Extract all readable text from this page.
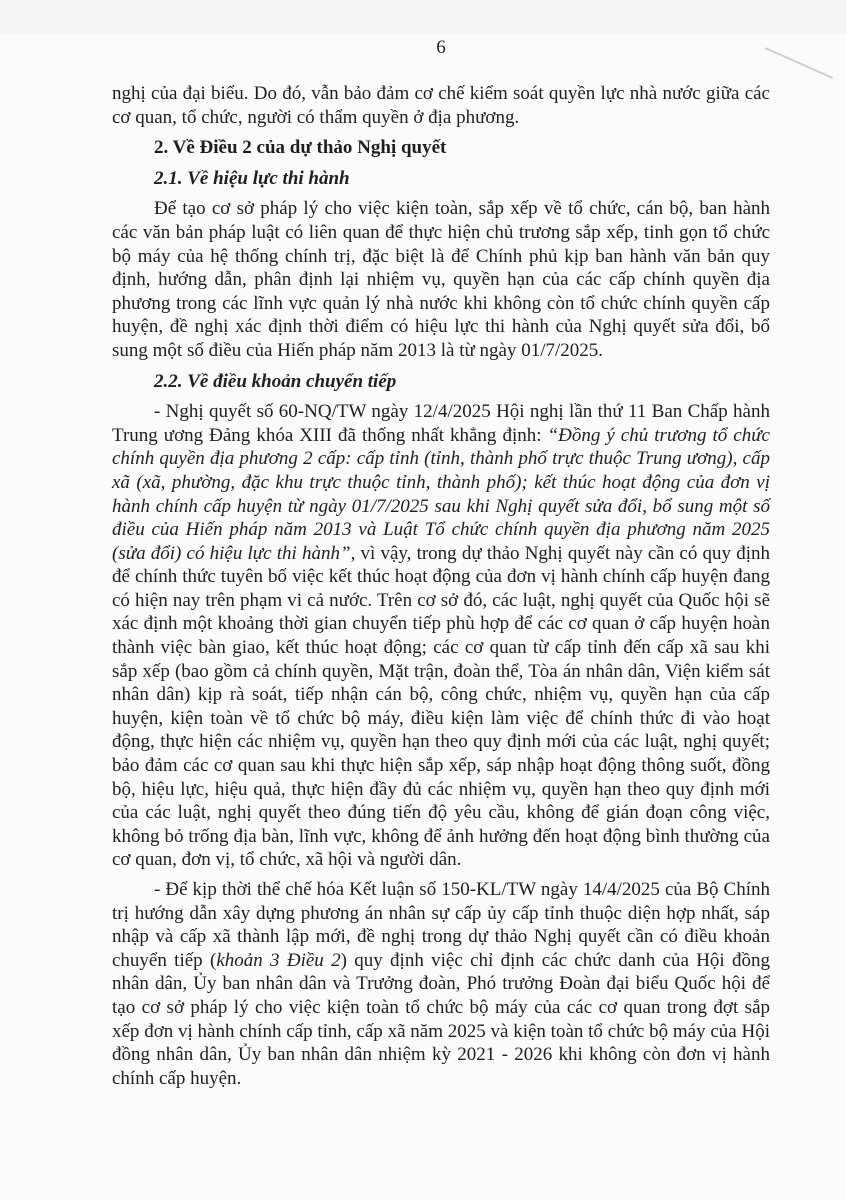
6

nghị của đại biểu. Do đó, vẫn bảo đảm cơ chế kiểm soát quyền lực nhà nước giữa các cơ quan, tổ chức, người có thẩm quyền ở địa phương.

2. Về Điều 2 của dự thảo Nghị quyết

2.1. Về hiệu lực thi hành

Để tạo cơ sở pháp lý cho việc kiện toàn, sắp xếp về tổ chức, cán bộ, ban hành các văn bản pháp luật có liên quan để thực hiện chủ trương sắp xếp, tinh gọn tổ chức bộ máy của hệ thống chính trị, đặc biệt là để Chính phủ kịp ban hành văn bản quy định, hướng dẫn, phân định lại nhiệm vụ, quyền hạn của các cấp chính quyền địa phương trong các lĩnh vực quản lý nhà nước khi không còn tổ chức chính quyền cấp huyện, đề nghị xác định thời điểm có hiệu lực thi hành của Nghị quyết sửa đổi, bổ sung một số điều của Hiến pháp năm 2013 là từ ngày 01/7/2025.

2.2. Về điều khoản chuyển tiếp

- Nghị quyết số 60-NQ/TW ngày 12/4/2025 Hội nghị lần thứ 11 Ban Chấp hành Trung ương Đảng khóa XIII đã thống nhất khẳng định: “Đồng ý chủ trương tổ chức chính quyền địa phương 2 cấp: cấp tỉnh (tỉnh, thành phố trực thuộc Trung ương), cấp xã (xã, phường, đặc khu trực thuộc tỉnh, thành phố); kết thúc hoạt động của đơn vị hành chính cấp huyện từ ngày 01/7/2025 sau khi Nghị quyết sửa đổi, bổ sung một số điều của Hiến pháp năm 2013 và Luật Tổ chức chính quyền địa phương năm 2025 (sửa đổi) có hiệu lực thi hành”, vì vậy, trong dự thảo Nghị quyết này cần có quy định để chính thức tuyên bố việc kết thúc hoạt động của đơn vị hành chính cấp huyện đang có hiện nay trên phạm vi cả nước. Trên cơ sở đó, các luật, nghị quyết của Quốc hội sẽ xác định một khoảng thời gian chuyển tiếp phù hợp để các cơ quan ở cấp huyện hoàn thành việc bàn giao, kết thúc hoạt động; các cơ quan từ cấp tỉnh đến cấp xã sau khi sắp xếp (bao gồm cả chính quyền, Mặt trận, đoàn thể, Tòa án nhân dân, Viện kiểm sát nhân dân) kịp rà soát, tiếp nhận cán bộ, công chức, nhiệm vụ, quyền hạn của cấp huyện, kiện toàn về tổ chức bộ máy, điều kiện làm việc để chính thức đi vào hoạt động, thực hiện các nhiệm vụ, quyền hạn theo quy định mới của các luật, nghị quyết; bảo đảm các cơ quan sau khi thực hiện sắp xếp, sáp nhập hoạt động thông suốt, đồng bộ, hiệu lực, hiệu quả, thực hiện đầy đủ các nhiệm vụ, quyền hạn theo quy định mới của các luật, nghị quyết theo đúng tiến độ yêu cầu, không để gián đoạn công việc, không bỏ trống địa bàn, lĩnh vực, không để ảnh hưởng đến hoạt động bình thường của cơ quan, đơn vị, tổ chức, xã hội và người dân.

- Để kịp thời thể chế hóa Kết luận số 150-KL/TW ngày 14/4/2025 của Bộ Chính trị hướng dẫn xây dựng phương án nhân sự cấp ủy cấp tỉnh thuộc diện hợp nhất, sáp nhập và cấp xã thành lập mới, đề nghị trong dự thảo Nghị quyết cần có điều khoản chuyển tiếp (khoản 3 Điều 2) quy định việc chỉ định các chức danh của Hội đồng nhân dân, Ủy ban nhân dân và Trưởng đoàn, Phó trưởng Đoàn đại biểu Quốc hội để tạo cơ sở pháp lý cho việc kiện toàn tổ chức bộ máy của các cơ quan trong đợt sắp xếp đơn vị hành chính cấp tỉnh, cấp xã năm 2025 và kiện toàn tổ chức bộ máy của Hội đồng nhân dân, Ủy ban nhân dân nhiệm kỳ 2021 - 2026 khi không còn đơn vị hành chính cấp huyện.
